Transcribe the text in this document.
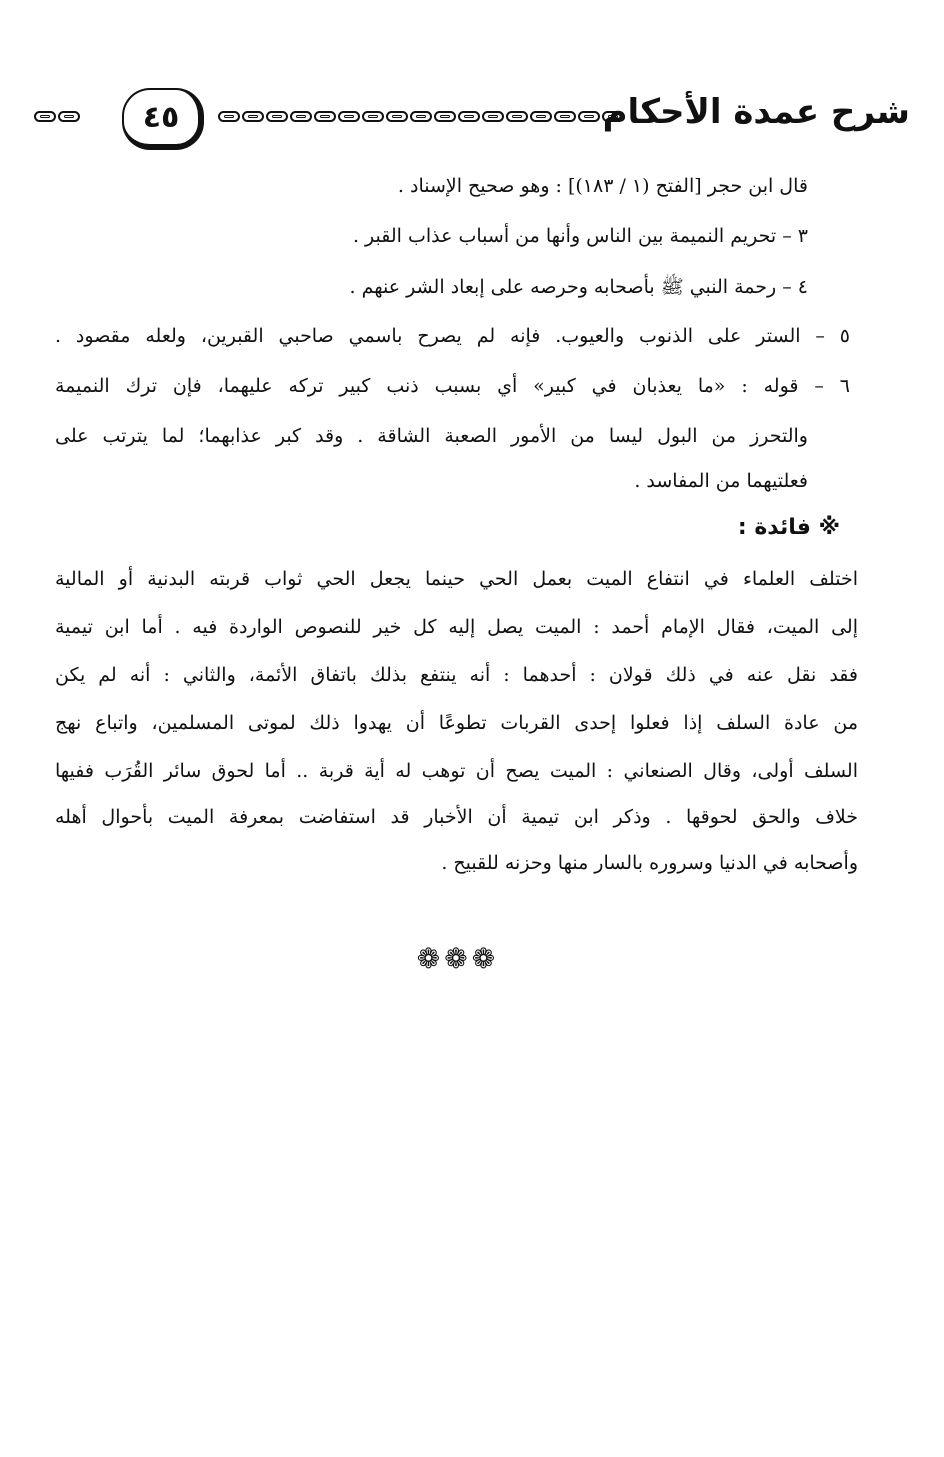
شرح عمدة الأحكام
٤٥
قال ابن حجر [الفتح (١ / ١٨٣)] : وهو صحيح الإسناد .
٣ – تحريم النميمة بين الناس وأنها من أسباب عذاب القبر .
٤ – رحمة النبي ﷺ بأصحابه وحرصه على إبعاد الشر عنهم .
٥ – الستر على الذنوب والعيوب. فإنه لم يصرح باسمي صاحبي القبرين، ولعله مقصود .
٦ – قوله : «ما يعذبان في كبير» أي بسبب ذنب كبير تركه عليهما، فإن ترك النميمة
والتحرز من البول ليسا من الأمور الصعبة الشاقة . وقد كبر عذابهما؛ لما يترتب على
فعلتيهما من المفاسد .
※ فائدة :
اختلف العلماء في انتفاع الميت بعمل الحي حينما يجعل الحي ثواب قربته البدنية أو المالية
إلى الميت، فقال الإمام أحمد : الميت يصل إليه كل خير للنصوص الواردة فيه . أما ابن تيمية
فقد نقل عنه في ذلك قولان : أحدهما : أنه ينتفع بذلك باتفاق الأئمة، والثاني : أنه لم يكن
من عادة السلف إذا فعلوا إحدى القربات تطوعًا أن يهدوا ذلك لموتى المسلمين، واتباع نهج
السلف أولى، وقال الصنعاني : الميت يصح أن توهب له أية قربة .. أما لحوق سائر القُرَب ففيها
خلاف والحق لحوقها . وذكر ابن تيمية أن الأخبار قد استفاضت بمعرفة الميت بأحوال أهله
وأصحابه في الدنيا وسروره بالسار منها وحزنه للقبيح .
❁ ❁ ❁
